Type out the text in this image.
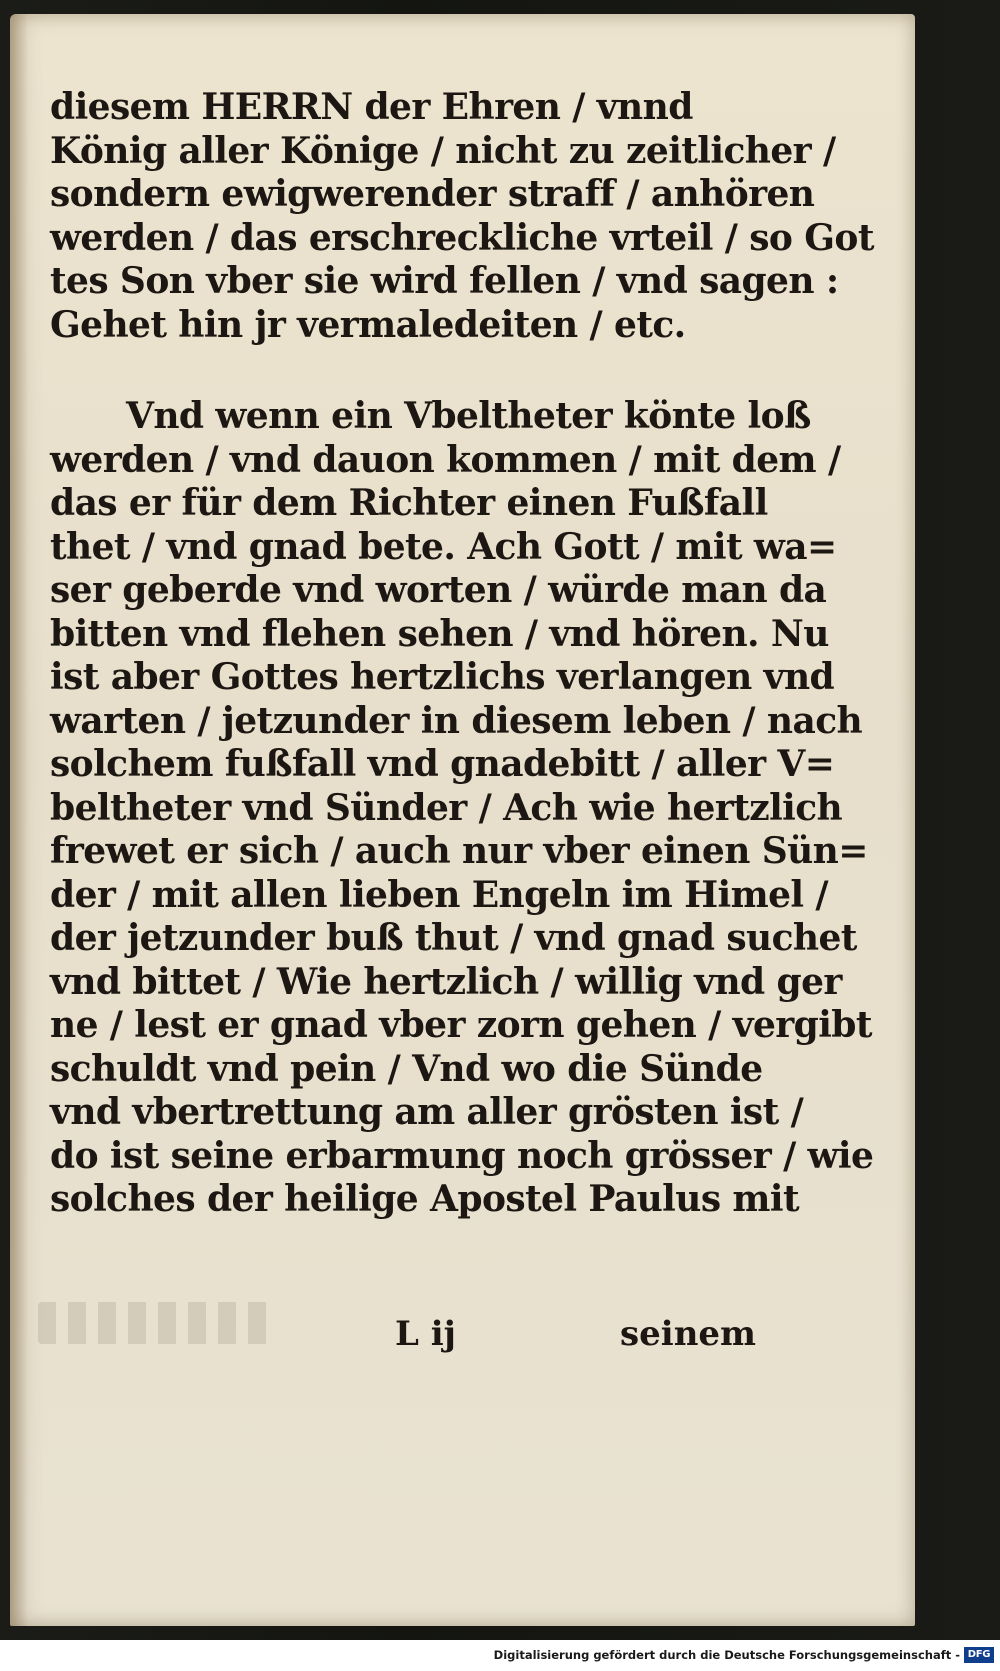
diesem HERRN der Ehren / vnnd
König aller Könige / nicht zu zeitlicher /
sondern ewigwerender straff / anhören
werden / das erschreckliche vrteil / so Got
tes Son vber sie wird fellen / vnd sagen :
Gehet hin jr vermaledeiten / etc.
Vnd wenn ein Vbeltheter könte loß
werden / vnd dauon kommen / mit dem /
das er für dem Richter einen Fußfall
thet / vnd gnad bete. Ach Gott / mit wa=
ser geberde vnd worten / würde man da
bitten vnd flehen sehen / vnd hören. Nu
ist aber Gottes hertzlichs verlangen vnd
warten / jetzunder in diesem leben / nach
solchem fußfall vnd gnadebitt / aller V=
beltheter vnd Sünder / Ach wie hertzlich
frewet er sich / auch nur vber einen Sün=
der / mit allen lieben Engeln im Himel /
der jetzunder buß thut / vnd gnad suchet
vnd bittet / Wie hertzlich / willig vnd ger
ne / lest er gnad vber zorn gehen / vergibt
schuldt vnd pein / Vnd wo die Sünde
vnd vbertrettung am aller grösten ist /
do ist seine erbarmung noch grösser / wie
solches der heilige Apostel Paulus mit
L ij	seinem
Digitalisierung gefördert durch die Deutsche Forschungsgemeinschaft - DFG
